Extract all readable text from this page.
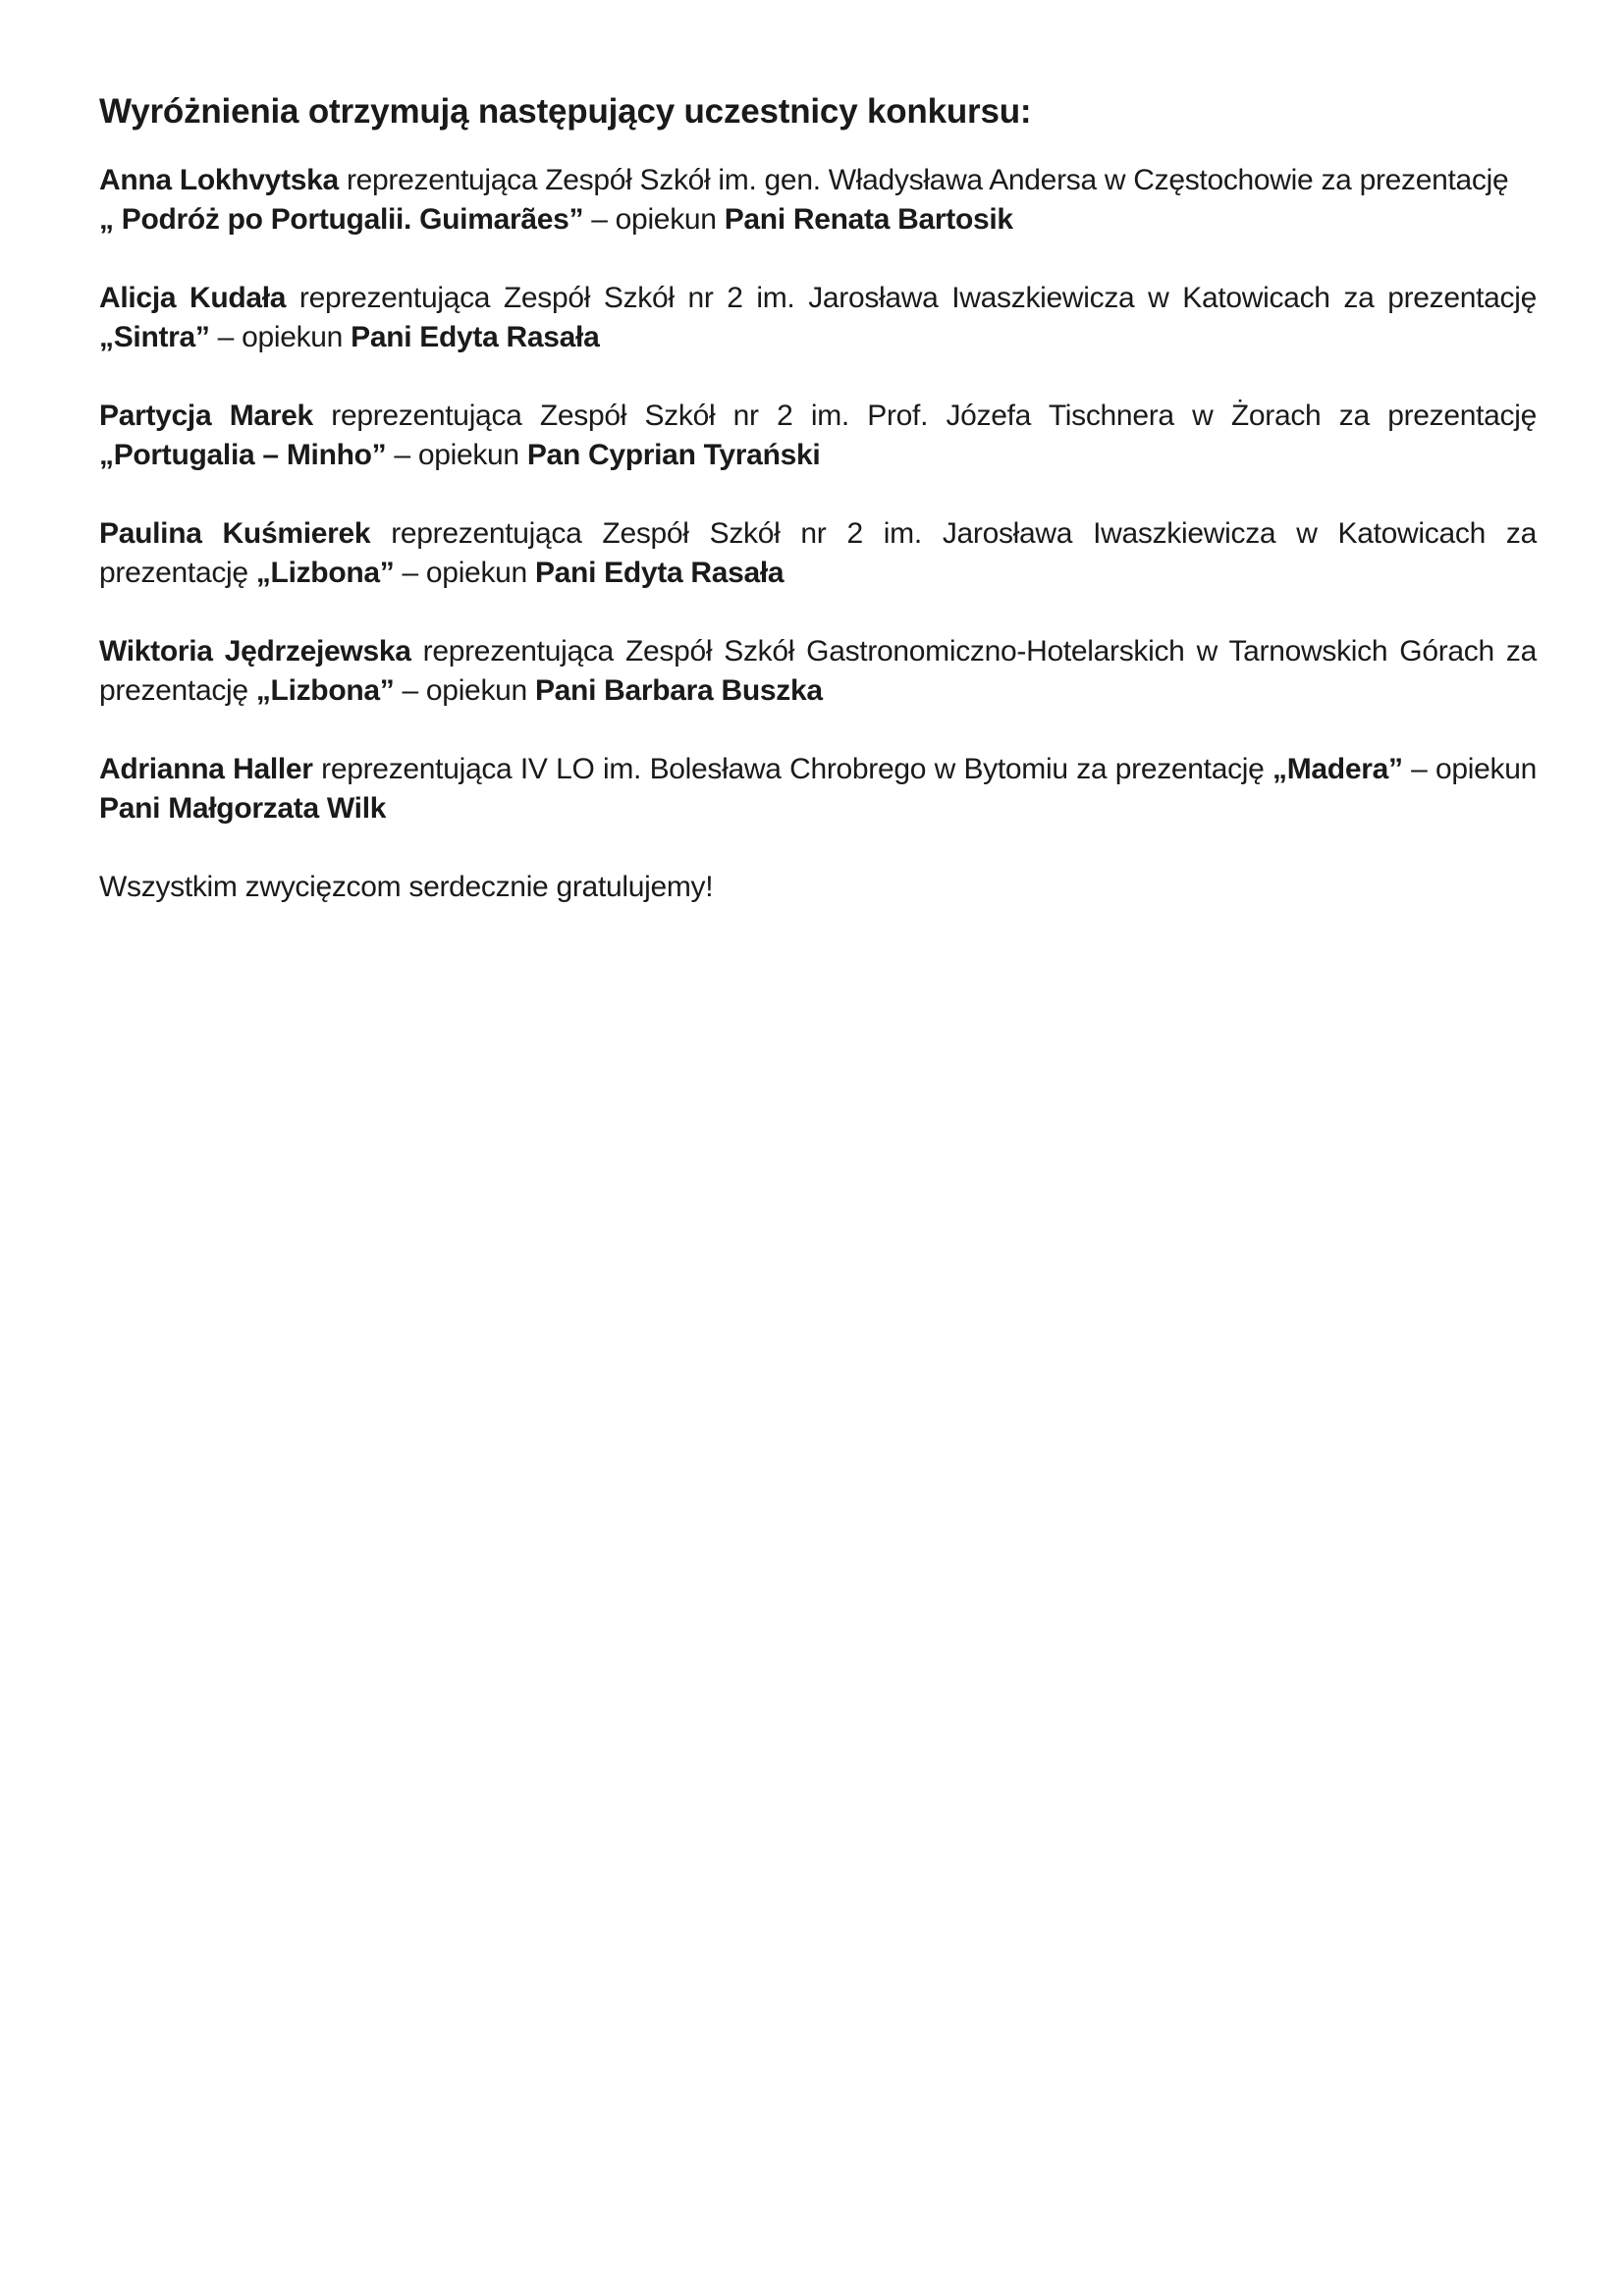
Wyróżnienia otrzymują następujący uczestnicy konkursu:

Anna Lokhvytska reprezentująca Zespół Szkół im. gen. Władysława Andersa w Częstochowie za prezentację
„ Podróż po Portugalii. Guimarães” – opiekun Pani Renata Bartosik

Alicja Kudała reprezentująca Zespół Szkół nr 2 im. Jarosława Iwaszkiewicza w Katowicach za prezentację „Sintra” – opiekun Pani Edyta Rasała

Partycja Marek reprezentująca Zespół Szkół nr 2 im. Prof. Józefa Tischnera w Żorach za prezentację „Portugalia – Minho” – opiekun Pan Cyprian Tyrański

Paulina Kuśmierek reprezentująca Zespół Szkół nr 2 im. Jarosława Iwaszkiewicza w Katowicach za prezentację „Lizbona” – opiekun Pani Edyta Rasała

Wiktoria Jędrzejewska reprezentująca Zespół Szkół Gastronomiczno-Hotelarskich w Tarnowskich Górach za prezentację „Lizbona” – opiekun Pani Barbara Buszka

Adrianna Haller reprezentująca IV LO im. Bolesława Chrobrego w Bytomiu za prezentację „Madera” – opiekun Pani Małgorzata Wilk

Wszystkim zwycięzcom serdecznie gratulujemy!
